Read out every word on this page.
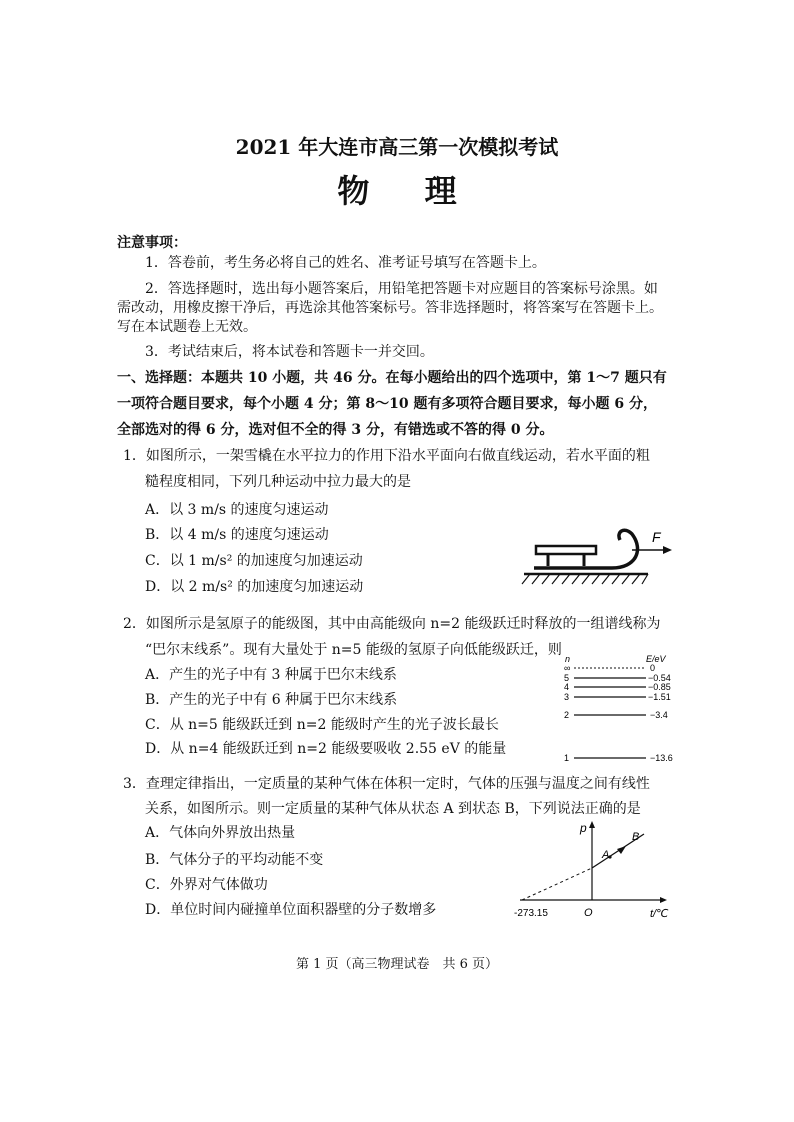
2021 年大连市高三第一次模拟考试
物 理
注意事项：
1．答卷前，考生务必将自己的姓名、准考证号填写在答题卡上。
2．答选择题时，选出每小题答案后，用铅笔把答题卡对应题目的答案标号涂黑。如
需改动，用橡皮擦干净后，再选涂其他答案标号。答非选择题时，将答案写在答题卡上。
写在本试题卷上无效。
3．考试结束后，将本试卷和答题卡一并交回。
一、选择题：本题共 10 小题，共 46 分。在每小题给出的四个选项中，第 1～7 题只有
一项符合题目要求，每个小题 4 分；第 8～10 题有多项符合题目要求，每小题 6 分，
全部选对的得 6 分，选对但不全的得 3 分，有错选或不答的得 0 分。
1．如图所示，一架雪橇在水平拉力的作用下沿水平面向右做直线运动，若水平面的粗
糙程度相同，下列几种运动中拉力最大的是
A．以 3 m/s 的速度匀速运动
B．以 4 m/s 的速度匀速运动
C．以 1 m/s² 的加速度匀加速运动
D．以 2 m/s² 的加速度匀加速运动
F
2．如图所示是氢原子的能级图，其中由高能级向 n=2 能级跃迁时释放的一组谱线称为
“巴尔末线系”。现有大量处于 n=5 能级的氢原子向低能级跃迁，则
A．产生的光子中有 3 种属于巴尔末线系
B．产生的光子中有 6 种属于巴尔末线系
C．从 n=5 能级跃迁到 n=2 能级时产生的光子波长最长
D．从 n=4 能级跃迁到 n=2 能级要吸收 2.55 eV 的能量
n	E/eV
∞	0
5	−0.54
4	−0.85
3	−1.51
2	−3.4
1	−13.6
3．查理定律指出，一定质量的某种气体在体积一定时，气体的压强与温度之间有线性
关系，如图所示。则一定质量的某种气体从状态 A 到状态 B，下列说法正确的是
A．气体向外界放出热量
B．气体分子的平均动能不变
C．外界对气体做功
D．单位时间内碰撞单位面积器壁的分子数增多
A
B
p
O
-273.15	t/℃
第 1 页（高三物理试卷　共 6 页）
